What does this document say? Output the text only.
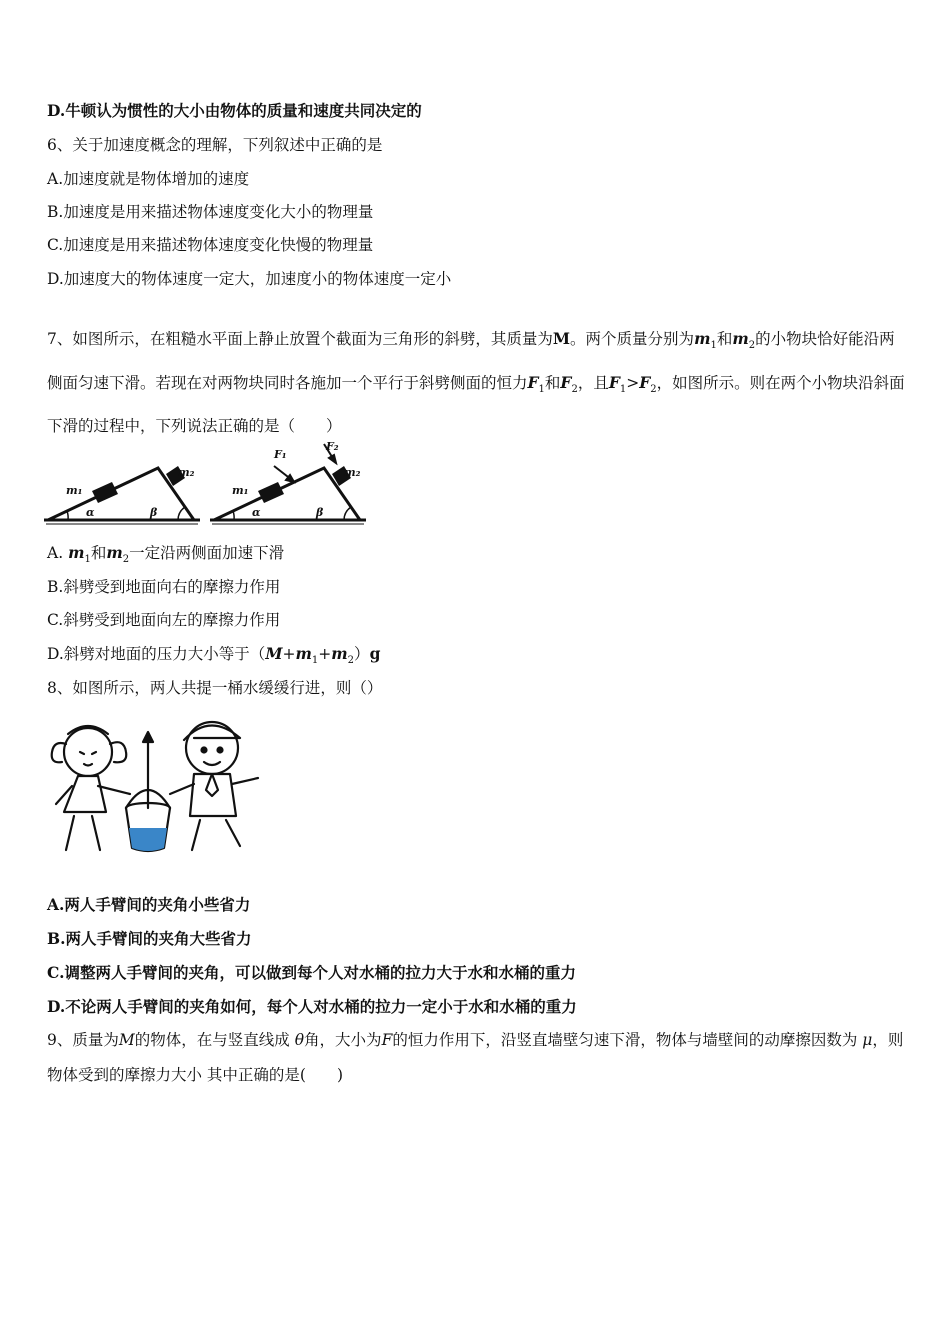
D.牛顿认为惯性的大小由物体的质量和速度共同决定的
6、关于加速度概念的理解，下列叙述中正确的是
A.加速度就是物体增加的速度
B.加速度是用来描述物体速度变化大小的物理量
C.加速度是用来描述物体速度变化快慢的物理量
D.加速度大的物体速度一定大，加速度小的物体速度一定小
7、如图所示，在粗糙水平面上静止放置个截面为三角形的斜劈，其质量为M。两个质量分别为$m_1$和$m_2$的小物块恰好能沿两侧面匀速下滑。若现在对两物块同时各施加一个平行于斜劈侧面的恒力$F_1$和$F_2$，且$F_1>F_2$，如图所示。则在两个小物块沿斜面下滑的过程中，下列说法正确的是（　　）
m₁
m₂
α	β
m₁
m₂
α	β
F₁
F₂
A. $m_1$和$m_2$一定沿两侧面加速下滑
B.斜劈受到地面向右的摩擦力作用
C.斜劈受到地面向左的摩擦力作用
D.斜劈对地面的压力大小等于$(M+m_1+m_2)g$
8、如图所示，两人共提一桶水缓缓行进，则（）
A.两人手臂间的夹角小些省力
B.两人手臂间的夹角大些省力
C.调整两人手臂间的夹角，可以做到每个人对水桶的拉力大于水和水桶的重力
D.不论两人手臂间的夹角如何，每个人对水桶的拉力一定小于水和水桶的重力
9、质量为M的物体，在与竖直线成 θ角，大小为F的恒力作用下，沿竖直墙壁匀速下滑，物体与墙壁间的动摩擦因数为 μ，则物体受到的摩擦力大小 其中正确的是(　　)
